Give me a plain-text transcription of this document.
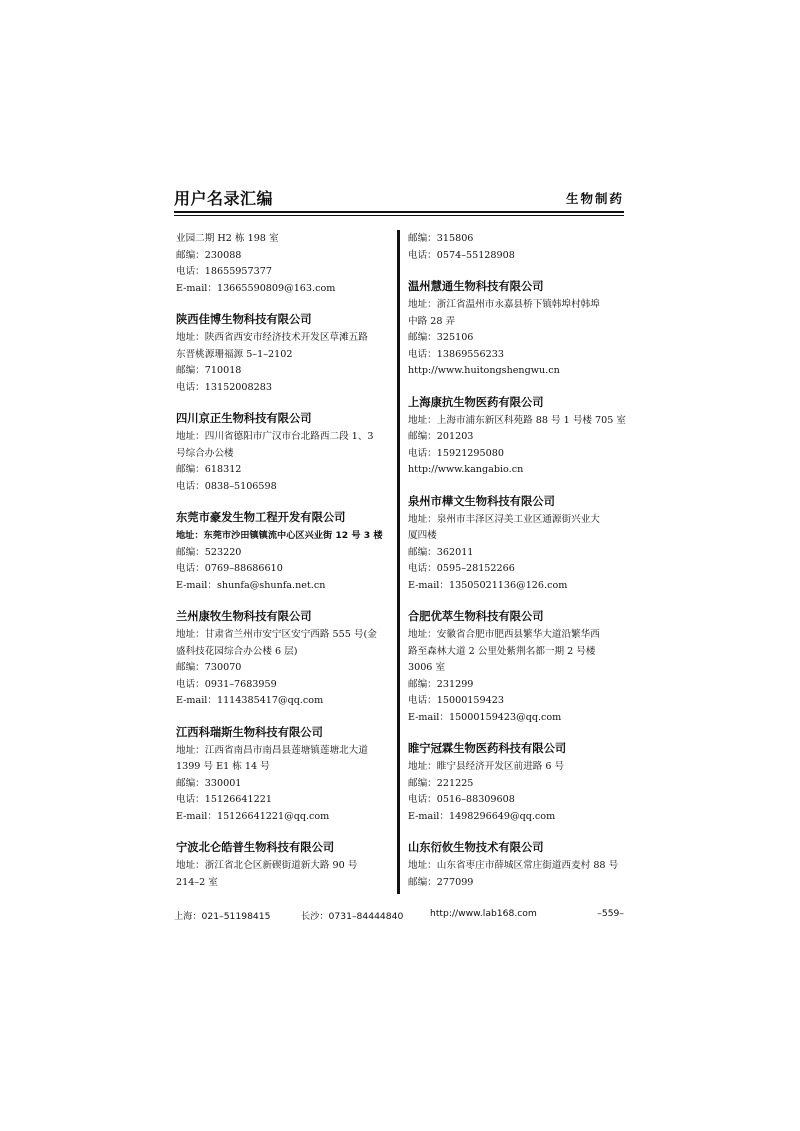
用户名录汇编	生物制药
业园二期 H2 栋 198 室
邮编：230088
电话：18655957377
E-mail：13665590809@163.com
陕西佳博生物科技有限公司
地址：陕西省西安市经济技术开发区草滩五路
东晋桃源珊福源 5–1–2102
邮编：710018
电话：13152008283
四川京正生物科技有限公司
地址：四川省德阳市广汉市台北路西二段 1、3
号综合办公楼
邮编：618312
电话：0838–5106598
东莞市豪发生物工程开发有限公司
地址：东莞市沙田镇镇流中心区兴业街 12 号 3 楼
邮编：523220
电话：0769–88686610
E-mail：shunfa@shunfa.net.cn
兰州康牧生物科技有限公司
地址：甘肃省兰州市安宁区安宁西路 555 号(金
盛科技花园综合办公楼 6 层)
邮编：730070
电话：0931–7683959
E-mail：1114385417@qq.com
江西科瑞斯生物科技有限公司
地址：江西省南昌市南昌县莲塘镇莲塘北大道
1399 号 E1 栋 14 号
邮编：330001
电话：15126641221
E-mail：15126641221@qq.com
宁波北仑皓普生物科技有限公司
地址：浙江省北仑区新碶街道新大路 90 号
214–2 室
邮编：315806
电话：0574–55128908
温州慧通生物科技有限公司
地址：浙江省温州市永嘉县桥下镇韩埠村韩埠
中路 28 弄
邮编：325106
电话：13869556233
http://www.huitongshengwu.cn
上海康抗生物医药有限公司
地址：上海市浦东新区科苑路 88 号 1 号楼 705 室
邮编：201203
电话：15921295080
http://www.kangabio.cn
泉州市樺文生物科技有限公司
地址：泉州市丰泽区浔美工业区通源街兴业大
厦四楼
邮编：362011
电话：0595–28152266
E-mail：13505021136@126.com
合肥优萃生物科技有限公司
地址：安徽省合肥市肥西县繁华大道沿繁华西
路至森林大道 2 公里处紫荆名都一期 2 号楼
3006 室
邮编：231299
电话：15000159423
E-mail：15000159423@qq.com
睢宁冠霖生物医药科技有限公司
地址：睢宁县经济开发区前进路 6 号
邮编：221225
电话：0516–88309608
E-mail：1498296649@qq.com
山东衍攸生物技术有限公司
地址：山东省枣庄市薛城区常庄街道西麦村 88 号
邮编：277099
上海：021–51198415	长沙：0731–84444840	http://www.lab168.com	–559–
